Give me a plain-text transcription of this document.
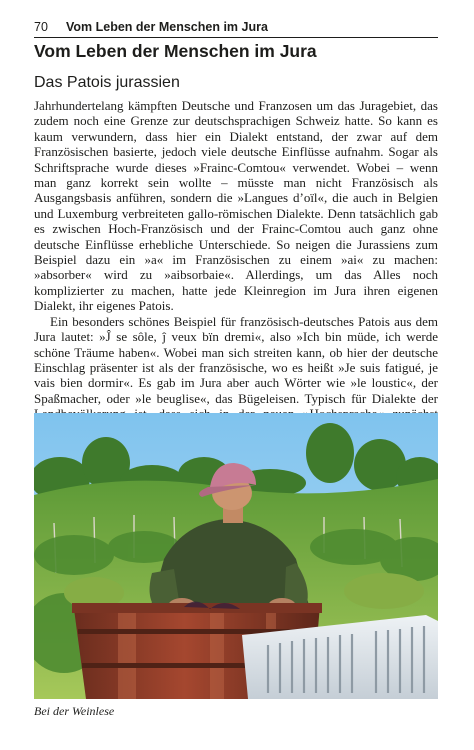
70 Vom Leben der Menschen im Jura
Vom Leben der Menschen im Jura
Das Patois jurassien

Jahrhundertelang kämpften Deutsche und Franzosen um das Juragebiet, das zudem noch eine Grenze zur deutschsprachigen Schweiz hatte. So kann es kaum verwundern, dass hier ein Dialekt entstand, der zwar auf dem Französischen basierte, jedoch viele deutsche Einflüsse aufnahm. Sogar als Schriftsprache wurde dieses »Frainc-Comtou« verwendet. Wobei – wenn man ganz korrekt sein wollte – müsste man nicht Französisch als Ausgangsbasis anführen, sondern die »Langues d’oïl«, die auch in Belgien und Luxemburg verbreiteten gallo-römischen Dialekte. Denn tatsächlich gab es zwischen Hoch-Französisch und der Frainc-Comtou auch ganz ohne deutsche Einflüsse erhebliche Unterschiede. So neigen die Jurassiens zum Beispiel dazu ein »a« im Französischen zu einem »ai« zu machen: »absorber« wird zu »aibsorbaie«. Allerdings, um das Alles noch komplizierter zu machen, hatte jede Kleinregion im Jura ihren eigenen Dialekt, ihr eigenes Patois.

Ein besonders schönes Beispiel für französisch-deutsches Patois aus dem Jura lautet: »Ĵ se sôle, ĵ veux bïn dremi«, also »Ich bin müde, ich werde schöne Träume haben«. Wobei man sich streiten kann, ob hier der deutsche Einschlag präsenter ist als der französische, wo es heißt »Je suis fatigué, je vais bien dormir«. Es gab im Jura aber auch Wörter wie »le loustic«, der Spaßmacher, oder »le beuglise«, das Bügeleisen. Typisch für Dialekte der

Bei der Weinlese
